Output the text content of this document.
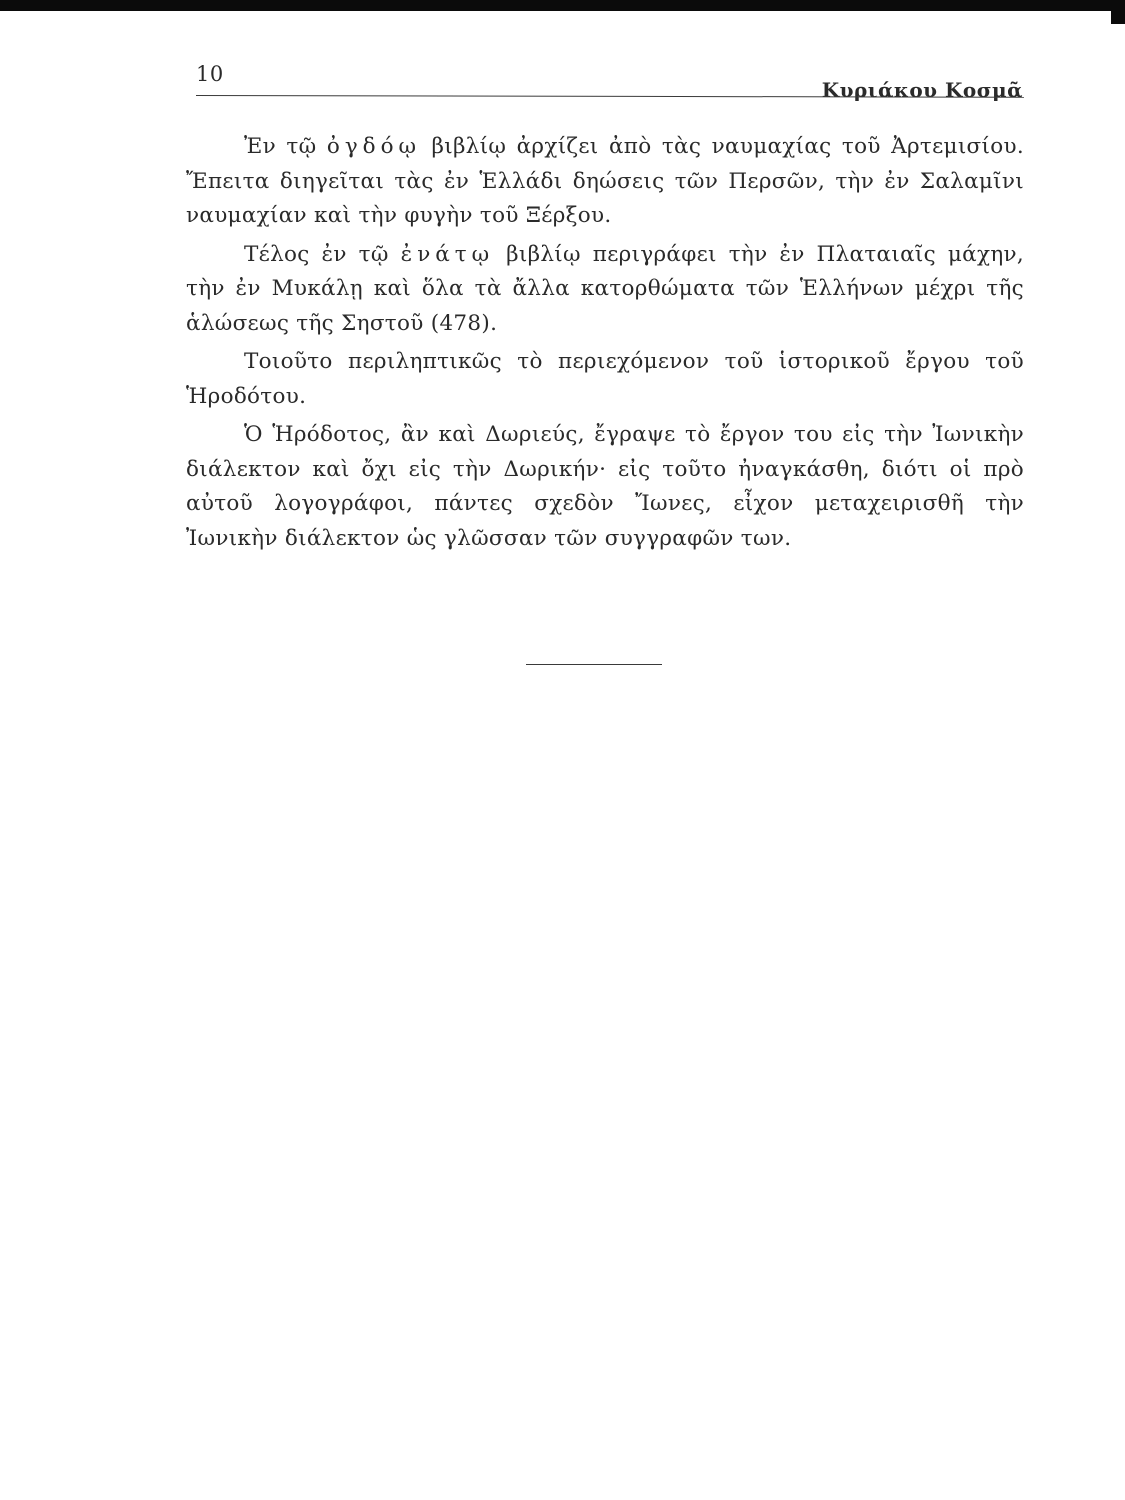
10
Κυριάκου Κοσμᾶ

Ἐν τῷ ὀγδόῳ βιβλίῳ ἀρχίζει ἀπὸ τὰς ναυμαχίας τοῦ Ἀρτεμισίου. Ἔπειτα διηγεῖται τὰς ἐν Ἑλλάδι δηώσεις τῶν Περσῶν, τὴν ἐν Σαλαμῖνι ναυμαχίαν καὶ τὴν φυγὴν τοῦ Ξέρξου.

Τέλος ἐν τῷ ἐνάτῳ βιβλίῳ περιγράφει τὴν ἐν Πλαταιαῖς μάχην, τὴν ἐν Μυκάλῃ καὶ ὅλα τὰ ἄλλα κατορθώματα τῶν Ἑλλήνων μέχρι τῆς ἁλώσεως τῆς Σηστοῦ (478).

Τοιοῦτο περιληπτικῶς τὸ περιεχόμενον τοῦ ἱστορικοῦ ἔργου τοῦ Ἡροδότου.

Ὁ Ἡρόδοτος, ἂν καὶ Δωριεύς, ἔγραψε τὸ ἔργον του εἰς τὴν Ἰωνικὴν διάλεκτον καὶ ὄχι εἰς τὴν Δωρικήν· εἰς τοῦτο ἠναγκάσθη, διότι οἱ πρὸ αὐτοῦ λογογράφοι, πάντες σχεδὸν Ἴωνες, εἶχον μεταχειρισθῆ τὴν Ἰωνικὴν διάλεκτον ὡς γλῶσσαν τῶν συγγραφῶν των.
